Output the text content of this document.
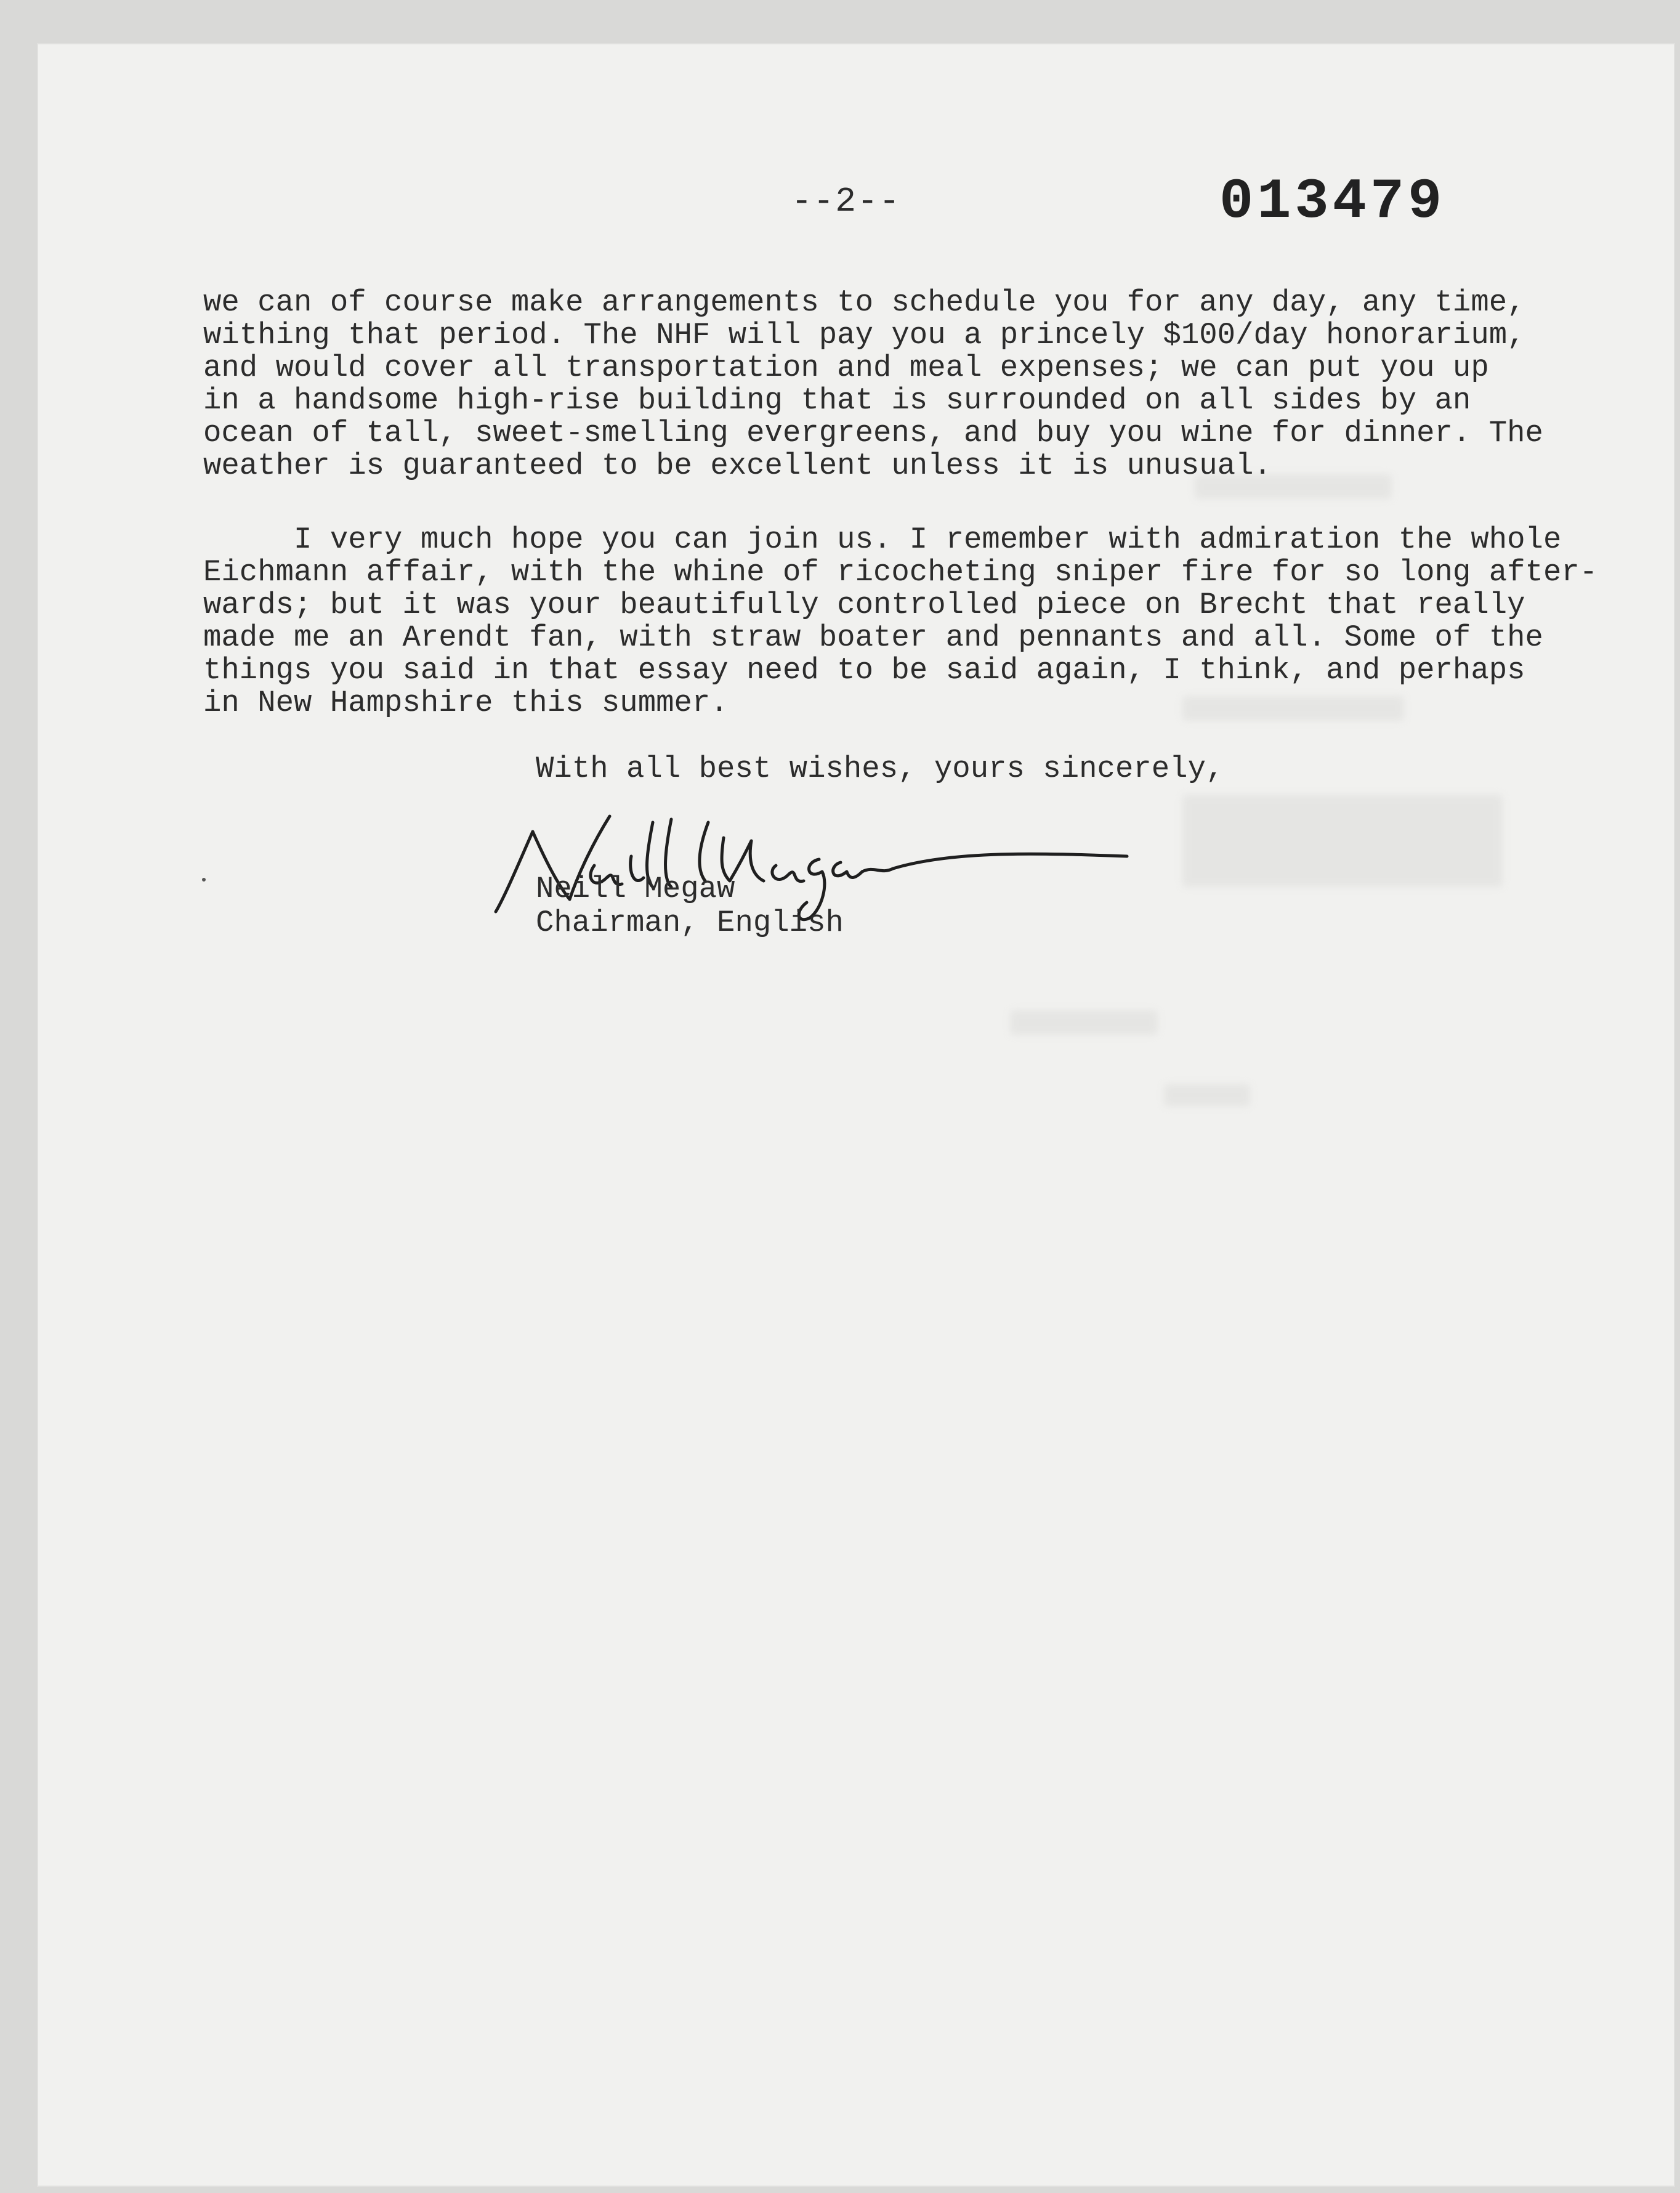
--2--	013479

we can of course make arrangements to schedule you for any day, any time,
withing that period. The NHF will pay you a princely $100/day honorarium,
and would cover all transportation and meal expenses; we can put you up
in a handsome high-rise building that is surrounded on all sides by an
ocean of tall, sweet-smelling evergreens, and buy you wine for dinner. The
weather is guaranteed to be excellent unless it is unusual.

I very much hope you can join us. I remember with admiration the whole
Eichmann affair, with the whine of ricocheting sniper fire for so long after-
wards; but it was your beautifully controlled piece on Brecht that really
made me an Arendt fan, with straw boater and pennants and all. Some of the
things you said in that essay need to be said again, I think, and perhaps
in New Hampshire this summer.

With all best wishes, yours sincerely,
Neill Megaw
Neill Megaw
Chairman, English
